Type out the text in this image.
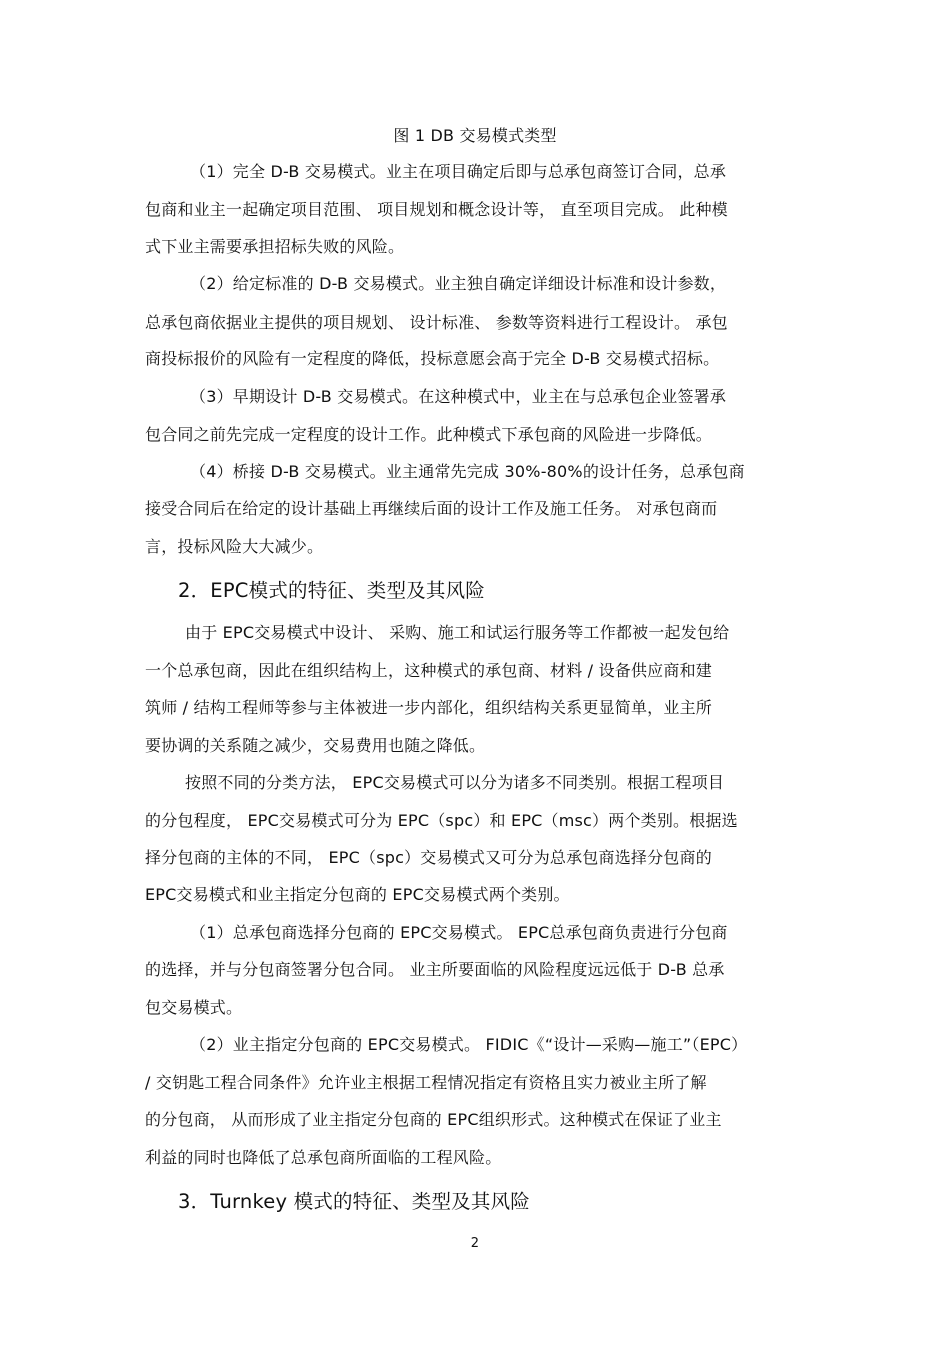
图 1 DB 交易模式类型
（1）完全 D-B 交易模式。业主在项目确定后即与总承包商签订合同，总承
包商和业主一起确定项目范围、 项目规划和概念设计等， 直至项目完成。 此种模
式下业主需要承担招标失败的风险。
（2）给定标准的 D-B 交易模式。业主独自确定详细设计标准和设计参数，
总承包商依据业主提供的项目规划、 设计标准、 参数等资料进行工程设计。 承包
商投标报价的风险有一定程度的降低，投标意愿会高于完全 D-B 交易模式招标。
（3）早期设计 D-B 交易模式。在这种模式中，业主在与总承包企业签署承
包合同之前先完成一定程度的设计工作。此种模式下承包商的风险进一步降低。
（4）桥接 D-B 交易模式。业主通常先完成 30%-80%的设计任务，总承包商
接受合同后在给定的设计基础上再继续后面的设计工作及施工任务。 对承包商而
言，投标风险大大减少。
2．EPC模式的特征、类型及其风险
由于 EPC交易模式中设计、 采购、施工和试运行服务等工作都被一起发包给
一个总承包商，因此在组织结构上，这种模式的承包商、材料 / 设备供应商和建
筑师 / 结构工程师等参与主体被进一步内部化，组织结构关系更显简单，业主所
要协调的关系随之减少，交易费用也随之降低。
按照不同的分类方法， EPC交易模式可以分为诸多不同类别。根据工程项目
的分包程度， EPC交易模式可分为 EPC（spc）和 EPC（msc）两个类别。根据选
择分包商的主体的不同， EPC（spc）交易模式又可分为总承包商选择分包商的
EPC交易模式和业主指定分包商的 EPC交易模式两个类别。
（1）总承包商选择分包商的 EPC交易模式。 EPC总承包商负责进行分包商
的选择，并与分包商签署分包合同。 业主所要面临的风险程度远远低于 D-B 总承
包交易模式。
（2）业主指定分包商的 EPC交易模式。 FIDIC《“设计—采购—施工”（EPC）
/ 交钥匙工程合同条件》允许业主根据工程情况指定有资格且实力被业主所了解
的分包商， 从而形成了业主指定分包商的 EPC组织形式。这种模式在保证了业主
利益的同时也降低了总承包商所面临的工程风险。
3．Turnkey 模式的特征、类型及其风险
2
